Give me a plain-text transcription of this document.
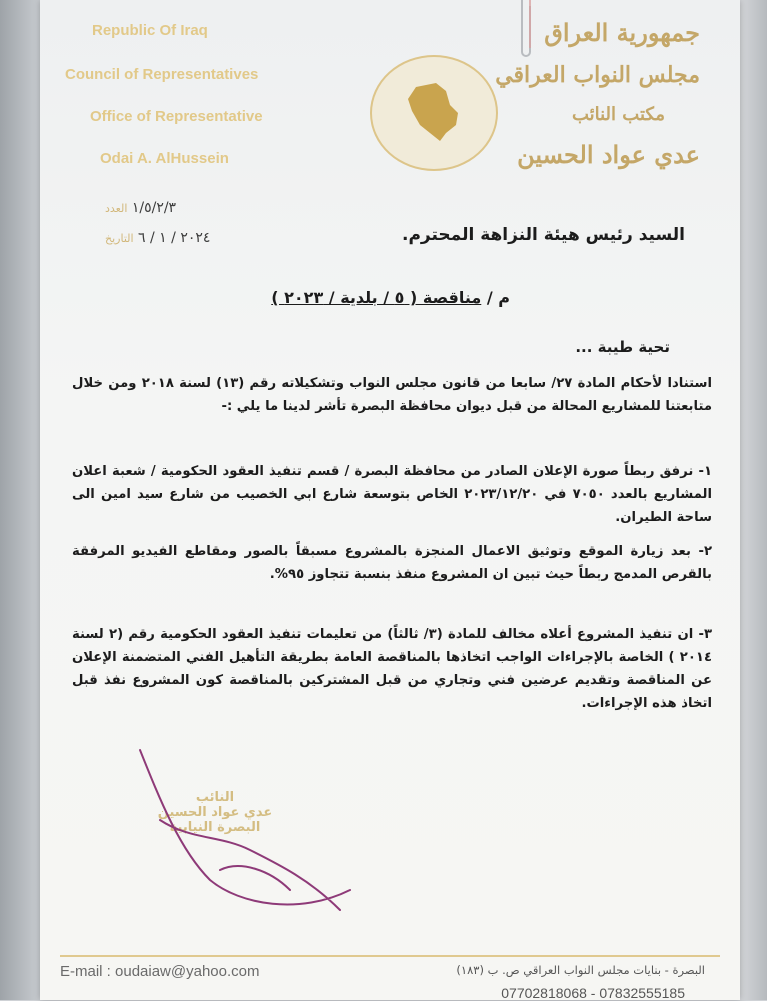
Republic Of Iraq
Council of Representatives
Office of Representative
Odai A. AlHussein
جمهورية العراق
مجلس النواب العراقي
مكتب النائب
عدي عواد الحسين
١/٥/٢/٣ العدد
٢٠٢٤ / ١ / ٦ التاريخ	السيد رئيس هيئة النزاهة المحترم.
م / مناقصة ( ٥ / بلدية / ٢٠٢٣ )
تحية طيبة ...
استنادا لأحكام المادة ٢٧/ سابعا من قانون مجلس النواب وتشكيلاته رقم (١٣) لسنة ٢٠١٨ ومن خلال متابعتنا للمشاريع المحالة من قبل ديوان محافظة البصرة تأشر لدينا ما يلي :-
١- نرفق ربطاً صورة الإعلان الصادر من محافظة البصرة / قسم تنفيذ العقود الحكومية / شعبة اعلان المشاريع بالعدد ٧٠٥٠ في ٢٠٢٣/١٢/٢٠ الخاص بتوسعة شارع ابي الخصيب من شارع سيد امين الى ساحة الطيران.
٢- بعد زيارة الموقع وتوثيق الاعمال المنجزة بالمشروع مسبقاً بالصور ومقاطع الفيديو المرفقة بالقرص المدمج ربطاً حيث تبين ان المشروع منفذ بنسبة تتجاوز ٩٥%.
٣- ان تنفيذ المشروع أعلاه مخالف للمادة (٣/ ثالثاً) من تعليمات تنفيذ العقود الحكومية رقم (٢ لسنة ٢٠١٤ ) الخاصة بالإجراءات الواجب اتخاذها بالمناقصة العامة بطريقة التأهيل الفني المتضمنة الإعلان عن المناقصة وتقديم عرضين فني وتجاري من قبل المشتركين بالمناقصة كون المشروع نفذ قبل اتخاذ هذه الإجراءات.
النائب
عدي عواد الحسين
البصرة النيابية
E-mail : oudaiaw@yahoo.com	البصرة - بنايات مجلس النواب العراقي ص. ب (١٨٣)
07702818068 - 07832555185
